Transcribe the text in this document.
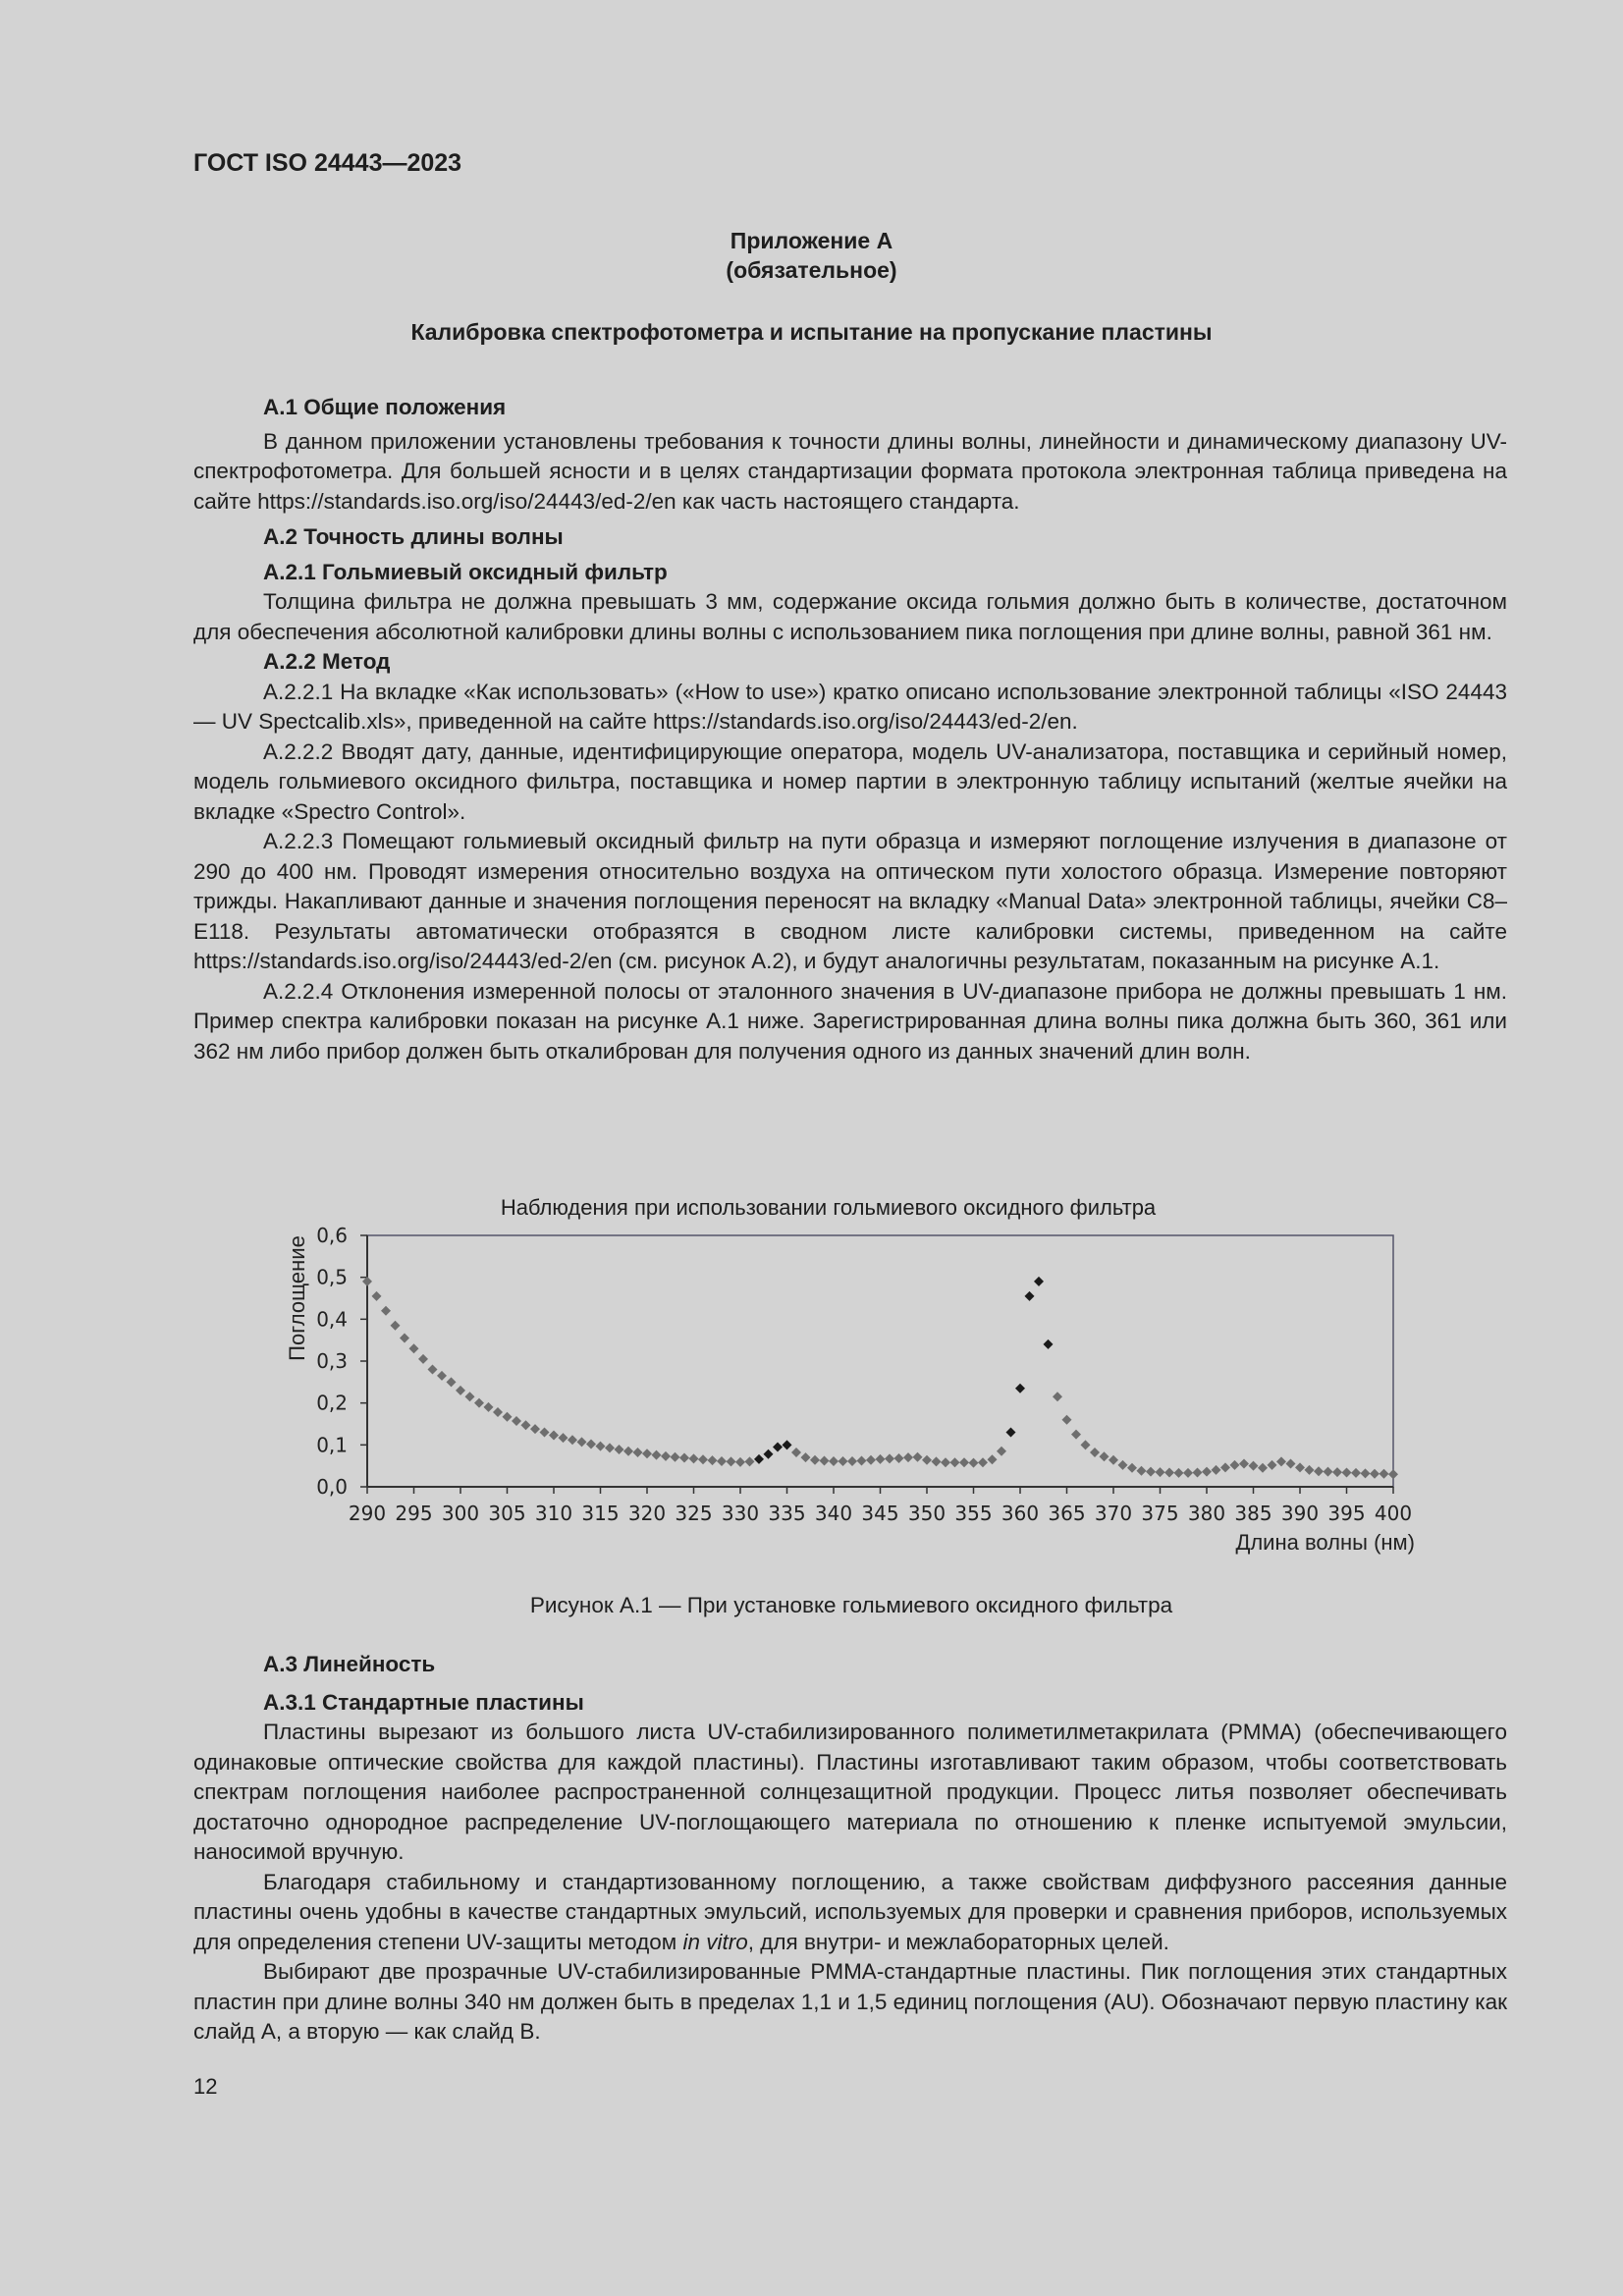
ГОСТ ISO 24443—2023
Приложение А
(обязательное)
Калибровка спектрофотометра и испытание на пропускание пластины
А.1 Общие положения

В данном приложении установлены требования к точности длины волны, линейности и динамическому диапазону UV-спектрофотометра. Для большей ясности и в целях стандартизации формата протокола электронная таблица приведена на сайте https://standards.iso.org/iso/24443/ed-2/en как часть настоящего стандарта.

А.2 Точность длины волны
А.2.1 Гольмиевый оксидный фильтр

Толщина фильтра не должна превышать 3 мм, содержание оксида гольмия должно быть в количестве, достаточном для обеспечения абсолютной калибровки длины волны с использованием пика поглощения при длине волны, равной 361 нм.

А.2.2 Метод

А.2.2.1 На вкладке «Как использовать» («How to use») кратко описано использование электронной таблицы «ISO 24443 — UV Spectcalib.xls», приведенной на сайте https://standards.iso.org/iso/24443/ed-2/en.

А.2.2.2 Вводят дату, данные, идентифицирующие оператора, модель UV-анализатора, поставщика и серийный номер, модель гольмиевого оксидного фильтра, поставщика и номер партии в электронную таблицу испытаний (желтые ячейки на вкладке «Spectro Control».

А.2.2.3 Помещают гольмиевый оксидный фильтр на пути образца и измеряют поглощение излучения в диапазоне от 290 до 400 нм. Проводят измерения относительно воздуха на оптическом пути холостого образца. Измерение повторяют трижды. Накапливают данные и значения поглощения переносят на вкладку «Manual Data» электронной таблицы, ячейки С8–Е118. Результаты автоматически отобразятся в сводном листе калибровки системы, приведенном на сайте https://standards.iso.org/iso/24443/ed-2/en (см. рисунок А.2), и будут аналогичны результатам, показанным на рисунке А.1.

А.2.2.4 Отклонения измеренной полосы от эталонного значения в UV-диапазоне прибора не должны превышать 1 нм. Пример спектра калибровки показан на рисунке А.1 ниже. Зарегистрированная длина волны пика должна быть 360, 361 или 362 нм либо прибор должен быть откалиброван для получения одного из данных значений длин волн.

Наблюдения при использовании гольмиевого оксидного фильтра
0,0
0,1
0,2
0,3
0,4
0,5
0,6
290 295 300 305 310 315 320 325 330 335 340 345 350 355 360 365 370 375 380 385 390 395 400
Поглощение
Длина волны (нм)
Рисунок А.1 — При установке гольмиевого оксидного фильтра
А.3 Линейность
А.3.1 Стандартные пластины

Пластины вырезают из большого листа UV-стабилизированного полиметилметакрилата (PMMA) (обеспечивающего одинаковые оптические свойства для каждой пластины). Пластины изготавливают таким образом, чтобы соответствовать спектрам поглощения наиболее распространенной солнцезащитной продукции. Процесс литья позволяет обеспечивать достаточно однородное распределение UV-поглощающего материала по отношению к пленке испытуемой эмульсии, наносимой вручную.

Благодаря стабильному и стандартизованному поглощению, а также свойствам диффузного рассеяния данные пластины очень удобны в качестве стандартных эмульсий, используемых для проверки и сравнения приборов, используемых для определения степени UV-защиты методом in vitro, для внутри- и межлабораторных целей.

Выбирают две прозрачные UV-стабилизированные PMMA-стандартные пластины. Пик поглощения этих стандартных пластин при длине волны 340 нм должен быть в пределах 1,1 и 1,5 единиц поглощения (AU). Обозначают первую пластину как слайд A, а вторую — как слайд B.

12
